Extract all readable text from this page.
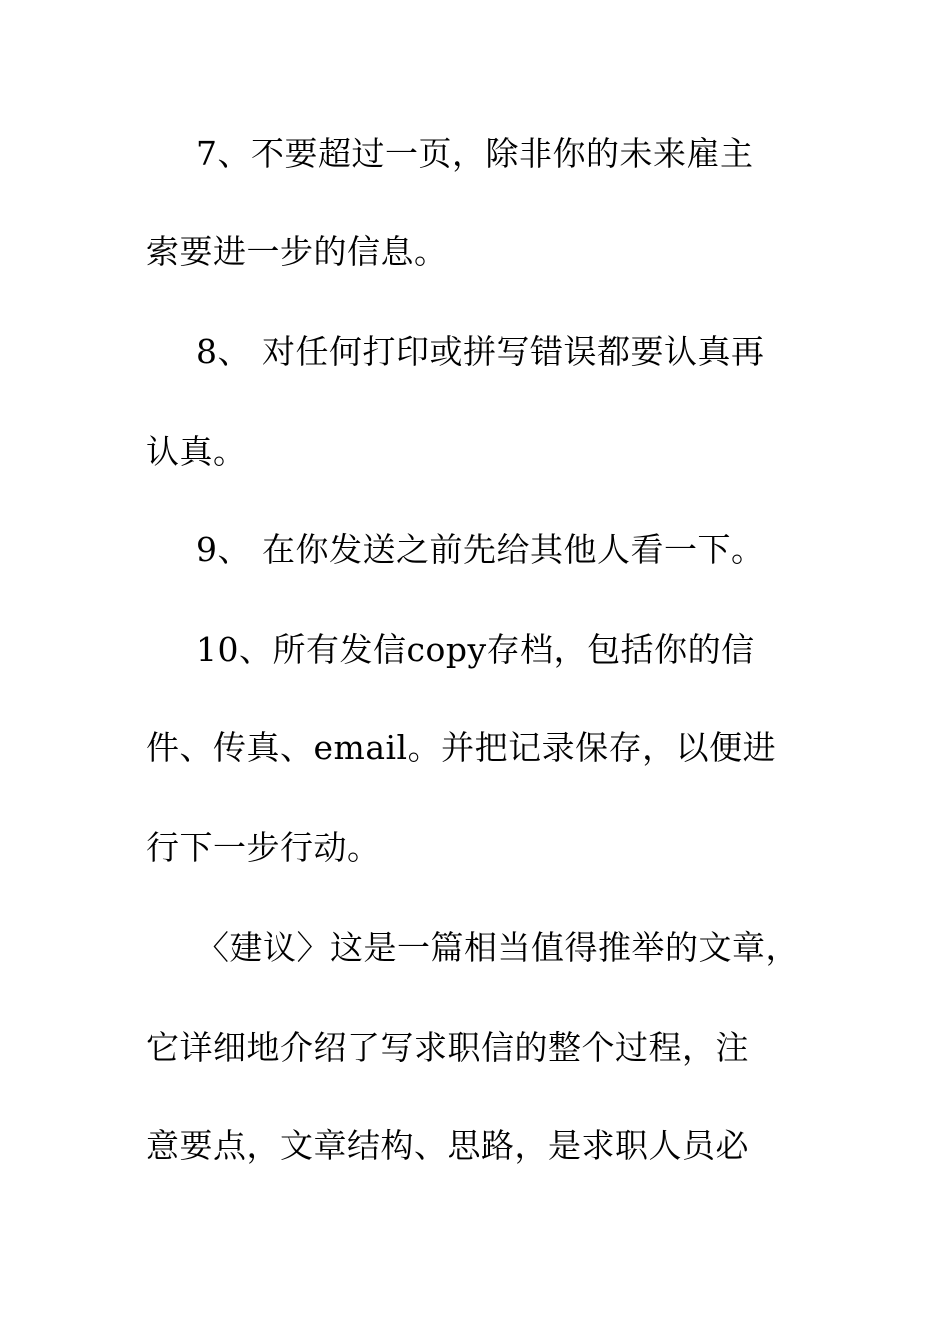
7、不要超过一页，除非你的未来雇主
索要进一步的信息。
8、 对任何打印或拼写错误都要认真再
认真。
9、 在你发送之前先给其他人看一下。
10、所有发信copy存档，包括你的信
件、传真、email。并把记录保存，以便进
行下一步行动。
〈建议〉这是一篇相当值得推举的文章，
它详细地介绍了写求职信的整个过程，注
意要点，文章结构、思路，是求职人员必
